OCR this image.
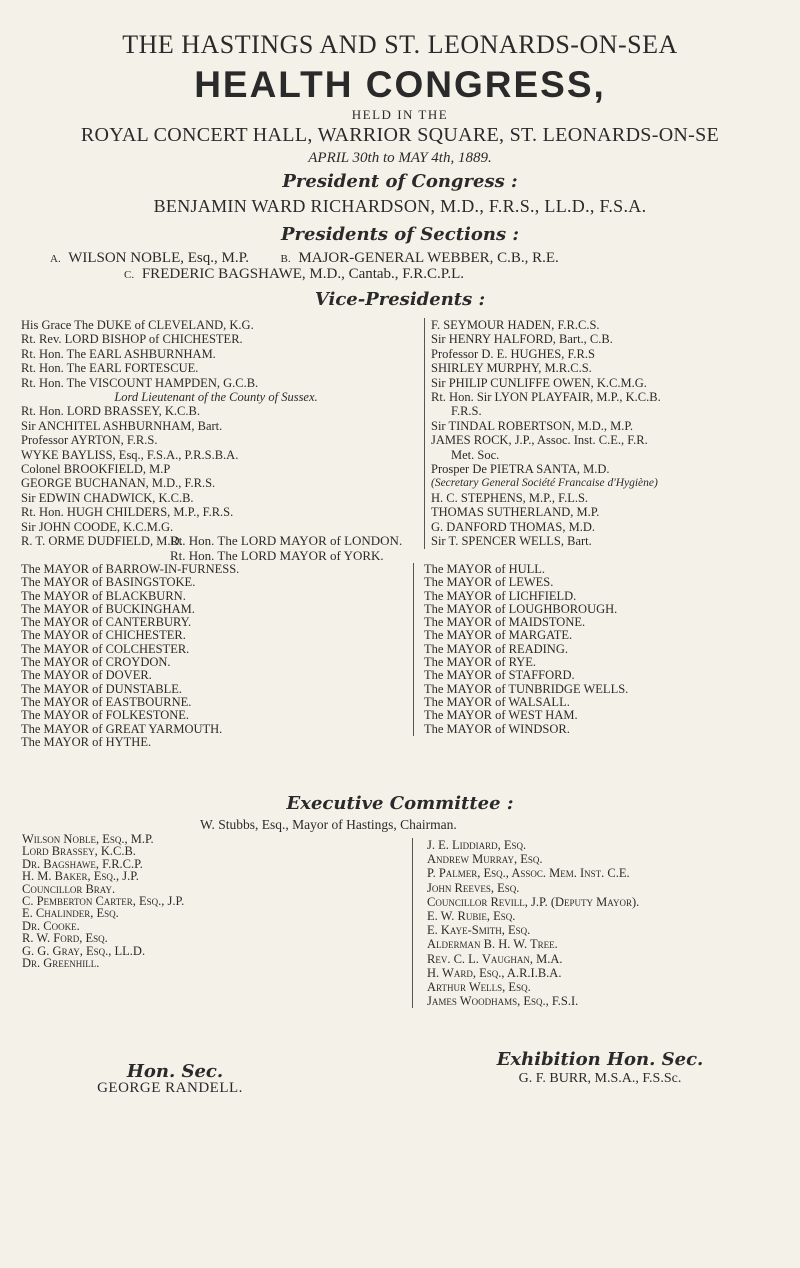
THE HASTINGS AND ST. LEONARDS-ON-SEA
HEALTH CONGRESS,
HELD IN THE
ROYAL CONCERT HALL, WARRIOR SQUARE, ST. LEONARDS-ON-SE
APRIL 30th to MAY 4th, 1889.
President of Congress :
BENJAMIN WARD RICHARDSON, M.D., F.R.S., LL.D., F.S.A.
Presidents of Sections :
A. WILSON NOBLE, Esq., M.P.	B. MAJOR-GENERAL WEBBER, C.B., R.E.
C. FREDERIC BAGSHAWE, M.D., Cantab., F.R.C.P.L.
Vice-Presidents :
His Grace The DUKE of CLEVELAND, K.G.
Rt. Rev. LORD BISHOP of CHICHESTER.
Rt. Hon. The EARL ASHBURNHAM.
Rt. Hon. The EARL FORTESCUE.
Rt. Hon. The VISCOUNT HAMPDEN, G.C.B.
Lord Lieutenant of the County of Sussex.
Rt. Hon. LORD BRASSEY, K.C.B.
Sir ANCHITEL ASHBURNHAM, Bart.
Professor AYRTON, F.R.S.
WYKE BAYLISS, Esq., F.S.A., P.R.S.B.A.
Colonel BROOKFIELD, M.P
GEORGE BUCHANAN, M.D., F.R.S.
Sir EDWIN CHADWICK, K.C.B.
Rt. Hon. HUGH CHILDERS, M.P., F.R.S.
Sir JOHN COODE, K.C.M.G.
R. T. ORME DUDFIELD, M.D.
F. SEYMOUR HADEN, F.R.C.S.
Sir HENRY HALFORD, Bart., C.B.
Professor D. E. HUGHES, F.R.S
SHIRLEY MURPHY, M.R.C.S.
Sir PHILIP CUNLIFFE OWEN, K.C.M.G.
Rt. Hon. Sir LYON PLAYFAIR, M.P., K.C.B.
F.R.S.
Sir TINDAL ROBERTSON, M.D., M.P.
JAMES ROCK, J.P., Assoc. Inst. C.E., F.R.
Met. Soc.
Prosper De PIETRA SANTA, M.D.
(Secretary General Société Francaise d'Hygiène)
H. C. STEPHENS, M.P., F.L.S.
THOMAS SUTHERLAND, M.P.
G. DANFORD THOMAS, M.D.
Sir T. SPENCER WELLS, Bart.
Rt. Hon. The LORD MAYOR of LONDON.
Rt. Hon. The LORD MAYOR of YORK.
The MAYOR of BARROW-IN-FURNESS.
The MAYOR of BASINGSTOKE.
The MAYOR of BLACKBURN.
The MAYOR of BUCKINGHAM.
The MAYOR of CANTERBURY.
The MAYOR of CHICHESTER.
The MAYOR of COLCHESTER.
The MAYOR of CROYDON.
The MAYOR of DOVER.
The MAYOR of DUNSTABLE.
The MAYOR of EASTBOURNE.
The MAYOR of FOLKESTONE.
The MAYOR of GREAT YARMOUTH.
The MAYOR of HYTHE.
The MAYOR of HULL.
The MAYOR of LEWES.
The MAYOR of LICHFIELD.
The MAYOR of LOUGHBOROUGH.
The MAYOR of MAIDSTONE.
The MAYOR of MARGATE.
The MAYOR of READING.
The MAYOR of RYE.
The MAYOR of STAFFORD.
The MAYOR of TUNBRIDGE WELLS.
The MAYOR of WALSALL.
The MAYOR of WEST HAM.
The MAYOR of WINDSOR.
Executive Committee :
W. Stubbs, Esq., Mayor of Hastings, Chairman.
Wilson Noble, Esq., M.P.
Lord Brassey, K.C.B.
Dr. Bagshawe, F.R.C.P.
H. M. Baker, Esq., J.P.
Councillor Bray.
C. Pemberton Carter, Esq., J.P.
E. Chalinder, Esq.
Dr. Cooke.
R. W. Ford, Esq.
G. G. Gray, Esq., LL.D.
Dr. Greenhill.
J. E. Liddiard, Esq.
Andrew Murray, Esq.
P. Palmer, Esq., Assoc. Mem. Inst. C.E.
John Reeves, Esq.
Councillor Revill, J.P. (Deputy Mayor).
E. W. Rubie, Esq.
E. Kaye-Smith, Esq.
Alderman B. H. W. Tree.
Rev. C. L. Vaughan, M.A.
H. Ward, Esq., A.R.I.B.A.
Arthur Wells, Esq.
James Woodhams, Esq., F.S.I.
Hon. Sec.
GEORGE RANDELL.
Exhibition Hon. Sec.
G. F. BURR, M.S.A., F.S.Sc.
